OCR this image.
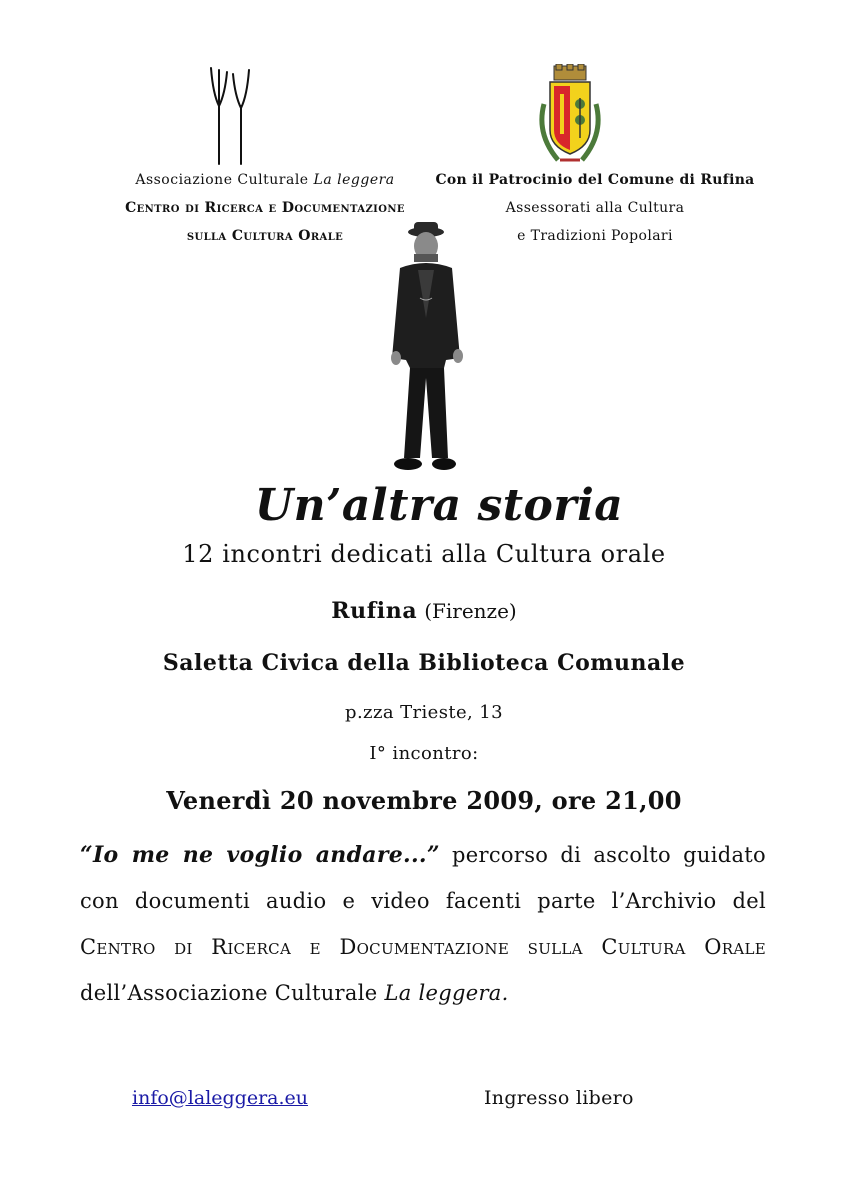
Associazione Culturale La leggera
Centro di Ricerca e Documentazione
sulla Cultura Orale
Con il Patrocinio del Comune di Rufina
Assessorati alla Cultura
e Tradizioni Popolari
Un’altra storia
12 incontri dedicati alla Cultura orale
Rufina (Firenze)
Saletta Civica della Biblioteca Comunale
p.zza Trieste, 13
I° incontro:
Venerdì 20 novembre 2009, ore 21,00
“Io me ne voglio andare...” percorso di ascolto guidato con documenti audio e video facenti parte l’Archivio del Centro di Ricerca e Documentazione sulla Cultura Orale dell’Associazione Culturale La leggera.
info@laleggera.eu	Ingresso libero
